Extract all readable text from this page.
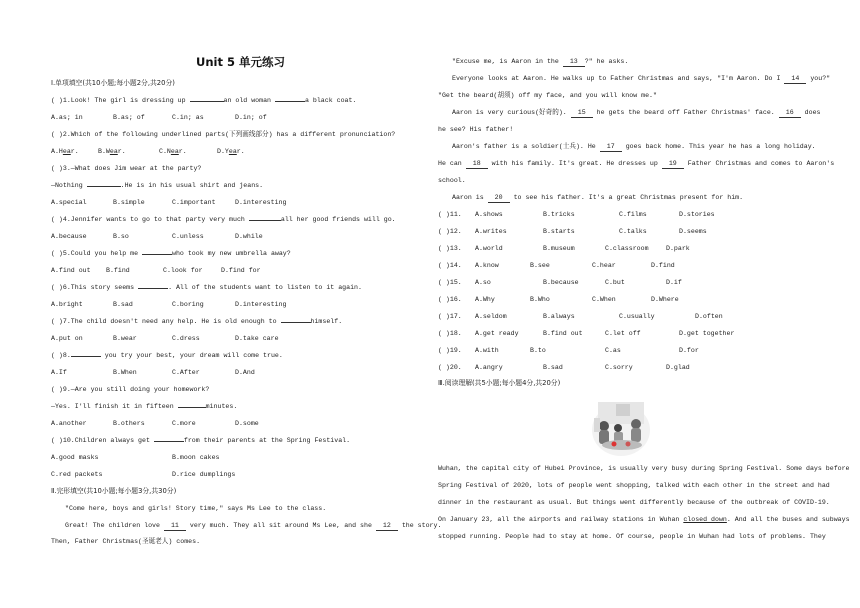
Unit 5 单元练习
Ⅰ.单项填空(共10小题;每小题2分,共20分)
( )1.Look! The girl is dressing up	an old woman	a black coat.
A.as; in	B.as; of	C.in; as	D.in; of
( )2.Which of the following underlined parts(下列画线部分) has a different pronunciation?
A.Hear.	B.Wear.	C.Near.	D.Year.
( )3.—What does Jim wear at the party?
—Nothing	.He is in his usual shirt and jeans.
A.special	B.simple	C.important	D.interesting
( )4.Jennifer wants to go to that party very much	all her good friends will go.
A.because	B.so	C.unless	D.while
( )5.Could you help me	who took my new umbrella away?
A.find out B.find	C.look for	D.find for
( )6.This story seems	. All of the students want to listen to it again.
A.bright	B.sad	C.boring	D.interesting
( )7.The child doesn't need any help. He is old enough to	himself.
A.put on	B.wear	C.dress	D.take care
( )8.	you try your best, your dream will come true.
A.If	B.When	C.After	D.And
( )9.—Are you still doing your homework?
—Yes. I'll finish it in fifteen	minutes.
A.another	B.others	C.more	D.some
( )10.Children always get	from their parents at the Spring Festival.
A.good masks	B.moon cakes
C.red packets	D.rice dumplings
Ⅱ.完形填空(共10小题;每小题3分,共30分)
"Come here, boys and girls! Story time," says Ms Lee to the class.
Great! The children love 11 very much. They all sit around Ms Lee, and she 12 the story.
Then, Father Christmas(圣诞老人) comes.
"Excuse me, is Aaron in the 13 ?" he asks.
Everyone looks at Aaron. He walks up to Father Christmas and says, "I'm Aaron. Do I 14 you?"
"Get the beard(胡须) off my face, and you will know me."
Aaron is very curious(好奇的). 15 he gets the beard off Father Christmas' face. 16 does
he see? His father!
Aaron's father is a soldier(士兵). He 17 goes back home. This year he has a long holiday.
He can 18 with his family. It's great. He dresses up 19 Father Christmas and comes to Aaron's
school.
Aaron is 20 to see his father. It's a great Christmas present for him.
( )11. A.shows	B.tricks	C.films	D.stories
( )12. A.writes	B.starts	C.talks	D.seems
( )13. A.world	B.museum	C.classroom	D.park
( )14. A.know	B.see	C.hear	D.find
( )15. A.so	B.because	C.but	D.if
( )16. A.Why	B.Who	C.When	D.Where
( )17. A.seldom	B.always	C.usually	D.often
( )18. A.get ready	B.find out	C.let off	D.get together
( )19. A.with	B.to	C.as	D.for
( )20. A.angry	B.sad	C.sorry	D.glad
Ⅲ.阅读理解(共5小题;每小题4分,共20分)
Wuhan, the capital city of Hubei Province, is usually very busy during Spring Festival. Some days before
Spring Festival of 2020, lots of people went shopping, talked with each other in the street and had
dinner in the restaurant as usual. But things went differently because of the outbreak of COVID-19.
On January 23, all the airports and railway stations in Wuhan closed down. And all the buses and subways
stopped running. People had to stay at home. Of course, people in Wuhan had lots of problems. They
